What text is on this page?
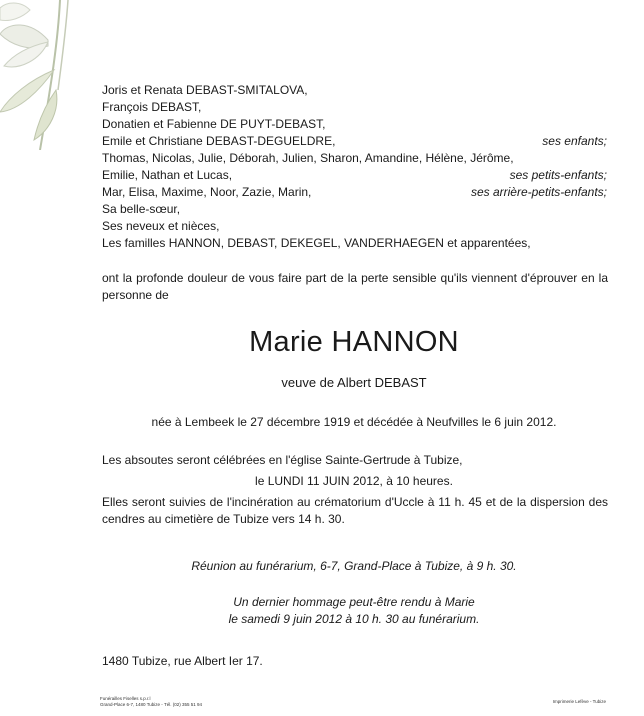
Joris et Renata DEBAST-SMITALOVA,
François DEBAST,
Donatien et Fabienne DE PUYT-DEBAST,
Emile et Christiane DEBAST-DEGUELDRE,	ses enfants;
Thomas, Nicolas, Julie, Déborah, Julien, Sharon, Amandine, Hélène, Jérôme,
Emilie, Nathan et Lucas,	ses petits-enfants;
Mar, Elisa, Maxime, Noor, Zazie, Marin,	ses arrière-petits-enfants;
Sa belle-sœur,
Ses neveux et nièces,
Les familles HANNON, DEBAST, DEKEGEL, VANDERHAEGEN et apparentées,
ont la profonde douleur de vous faire part de la perte sensible qu'ils viennent d'éprouver en la personne de
Marie HANNON
veuve de Albert DEBAST
née à Lembeek le 27 décembre 1919 et décédée à Neufvilles le 6 juin 2012.
Les absoutes seront célébrées en l'église Sainte-Gertrude à Tubize,
le LUNDI 11 JUIN 2012, à 10 heures.
Elles seront suivies de l'incinération au crématorium d'Uccle à 11 h. 45 et de la dispersion des cendres au cimetière de Tubize vers 14 h. 30.
Réunion au funérarium, 6-7, Grand-Place à Tubize, à 9 h. 30.
Un dernier hommage peut-être rendu à Marie
le samedi 9 juin 2012 à 10 h. 30 au funérarium.
1480 Tubize, rue Albert Ier 17.
Funérailles Fiselles s.p.r.l
Grand-Place 6-7, 1480 Tubize - Tél. (02) 355 51 94
Imprimerie Lefève - Tubize
